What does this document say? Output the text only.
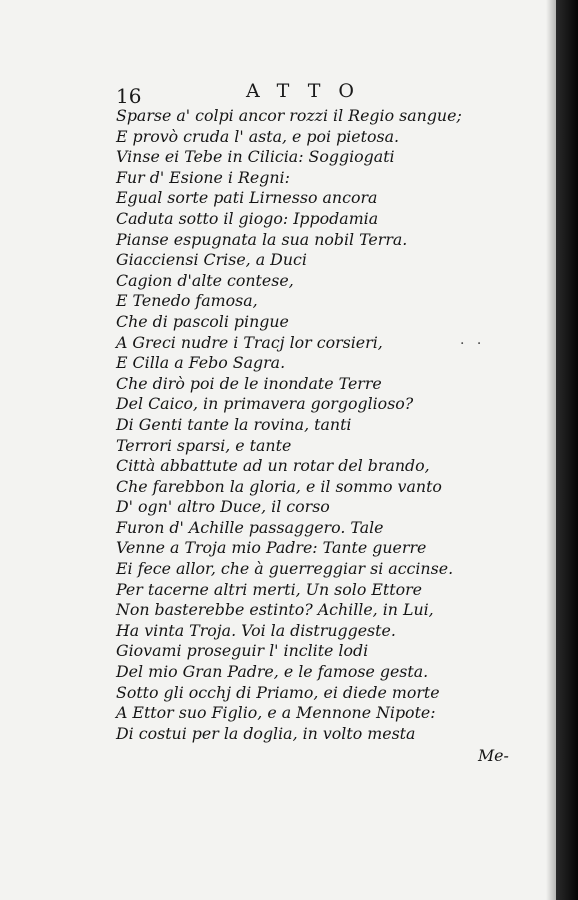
16	ATTO
Sparse a' colpi ancor rozzi il Regio sangue;
E provò cruda l' asta, e poi pietosa.
Vinse ei Tebe in Cilicia: Soggiogati
Fur d' Esione i Regni:
Egual sorte pati Lirnesso ancora
Caduta sotto il giogo: Ippodamia
Pianse espugnata la sua nobil Terra.
Giacciensi Crise, a Duci
Cagion d'alte contese,
E Tenedo famosa,
Che di pascoli pingue
A Greci nudre i Tracj lor corsieri,
E Cilla a Febo Sagra.
Che dirò poi de le inondate Terre
Del Caico, in primavera gorgoglioso?
Di Genti tante la rovina, tanti
Terrori sparsi, e tante
Città abbattute ad un rotar del brando,
Che farebbon la gloria, e il sommo vanto
D' ogn' altro Duce, il corso
Furon d' Achille passaggero. Tale
Venne a Troja mio Padre: Tante guerre
Ei fece allor, che à guerreggiar si accinse.
Per tacerne altri merti, Un solo Ettore
Non basterebbe estinto? Achille, in Lui,
Ha vinta Troja. Voi la distruggeste.
Giovami proseguir l' inclite lodi
Del mio Gran Padre, e le famose gesta.
Sotto gli occhj di Priamo, ei diede morte
A Ettor suo Figlio, e a Mennone Nipote:
Di costui per la doglia, in volto mesta
· ·
Me-
